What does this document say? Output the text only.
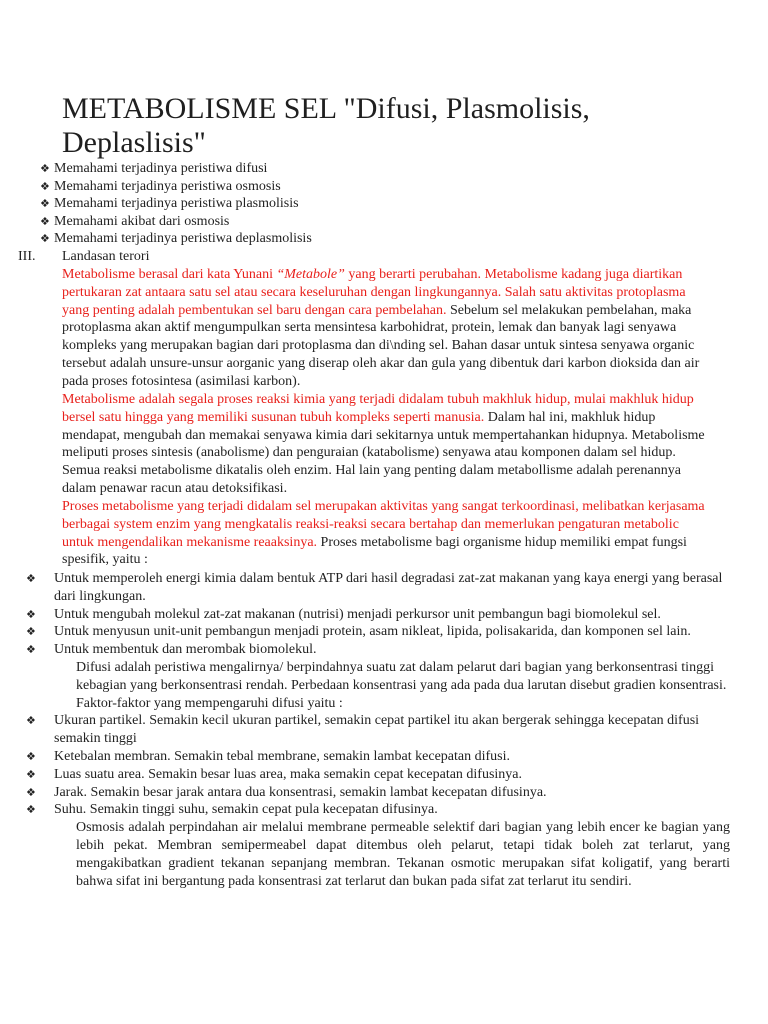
METABOLISME SEL "Difusi, Plasmolisis, Deplaslisis"
❖ Memahami terjadinya peristiwa difusi
❖ Memahami terjadinya peristiwa osmosis
❖ Memahami terjadinya peristiwa plasmolisis
❖ Memahami akibat dari osmosis
❖ Memahami terjadinya peristiwa deplasmolisis
III. Landasan terori

Metabolisme berasal dari kata Yunani “Metabole” yang berarti perubahan. Metabolisme kadang juga diartikan pertukaran zat antaara satu sel atau secara keseluruhan dengan lingkungannya. Salah satu aktivitas protoplasma yang penting adalah pembentukan sel baru dengan cara pembelahan. Sebelum sel melakukan pembelahan, maka protoplasma akan aktif mengumpulkan serta mensintesa karbohidrat, protein, lemak dan banyak lagi senyawa kompleks yang merupakan bagian dari protoplasma dan di\nding sel. Bahan dasar untuk sintesa senyawa organic tersebut adalah unsure-unsur aorganic yang diserap oleh akar dan gula yang dibentuk dari karbon dioksida dan air pada proses fotosintesa (asimilasi karbon).

Metabolisme adalah segala proses reaksi kimia yang terjadi didalam tubuh makhluk hidup, mulai makhluk hidup bersel satu hingga yang memiliki susunan tubuh kompleks seperti manusia. Dalam hal ini, makhluk hidup mendapat, mengubah dan memakai senyawa kimia dari sekitarnya untuk mempertahankan hidupnya. Metabolisme meliputi proses sintesis (anabolisme) dan penguraian (katabolisme) senyawa atau komponen dalam sel hidup. Semua reaksi metabolisme dikatalis oleh enzim. Hal lain yang penting dalam metabollisme adalah perenannya dalam penawar racun atau detoksifikasi.

Proses metabolisme yang terjadi didalam sel merupakan aktivitas yang sangat terkoordinasi, melibatkan kerjasama berbagai system enzim yang mengkatalis reaksi-reaksi secara bertahap dan memerlukan pengaturan metabolic untuk mengendalikan mekanisme reaaksinya. Proses metabolisme bagi organisme hidup memiliki empat fungsi spesifik, yaitu :

❖ Untuk memperoleh energi kimia dalam bentuk ATP dari hasil degradasi zat-zat makanan yang kaya energi yang berasal dari lingkungan.
❖ Untuk mengubah molekul zat-zat makanan (nutrisi) menjadi perkursor unit pembangun bagi biomolekul sel.
❖ Untuk menyusun unit-unit pembangun menjadi protein, asam nikleat, lipida, polisakarida, dan komponen sel lain.
❖ Untuk membentuk dan merombak biomolekul.
Difusi adalah peristiwa mengalirnya/ berpindahnya suatu zat dalam pelarut dari bagian yang berkonsentrasi tinggi kebagian yang berkonsentrasi rendah. Perbedaan konsentrasi yang ada pada dua larutan disebut gradien konsentrasi.
Faktor-faktor yang mempengaruhi difusi yaitu :
❖ Ukuran partikel. Semakin kecil ukuran partikel, semakin cepat partikel itu akan bergerak sehingga kecepatan difusi semakin tinggi
❖ Ketebalan membran. Semakin tebal membrane, semakin lambat kecepatan difusi.
❖ Luas suatu area. Semakin besar luas area, maka semakin cepat kecepatan difusinya.
❖ Jarak. Semakin besar jarak antara dua konsentrasi, semakin lambat kecepatan difusinya.
❖ Suhu. Semakin tinggi suhu, semakin cepat pula kecepatan difusinya.
Osmosis adalah perpindahan air melalui membrane permeable selektif dari bagian yang lebih encer ke bagian yang lebih pekat. Membran semipermeabel dapat ditembus oleh pelarut, tetapi tidak boleh zat terlarut, yang mengakibatkan gradient tekanan sepanjang membran. Tekanan osmotic merupakan sifat koligatif, yang berarti bahwa sifat ini bergantung pada konsentrasi zat terlarut dan bukan pada sifat zat terlarut itu sendiri.
